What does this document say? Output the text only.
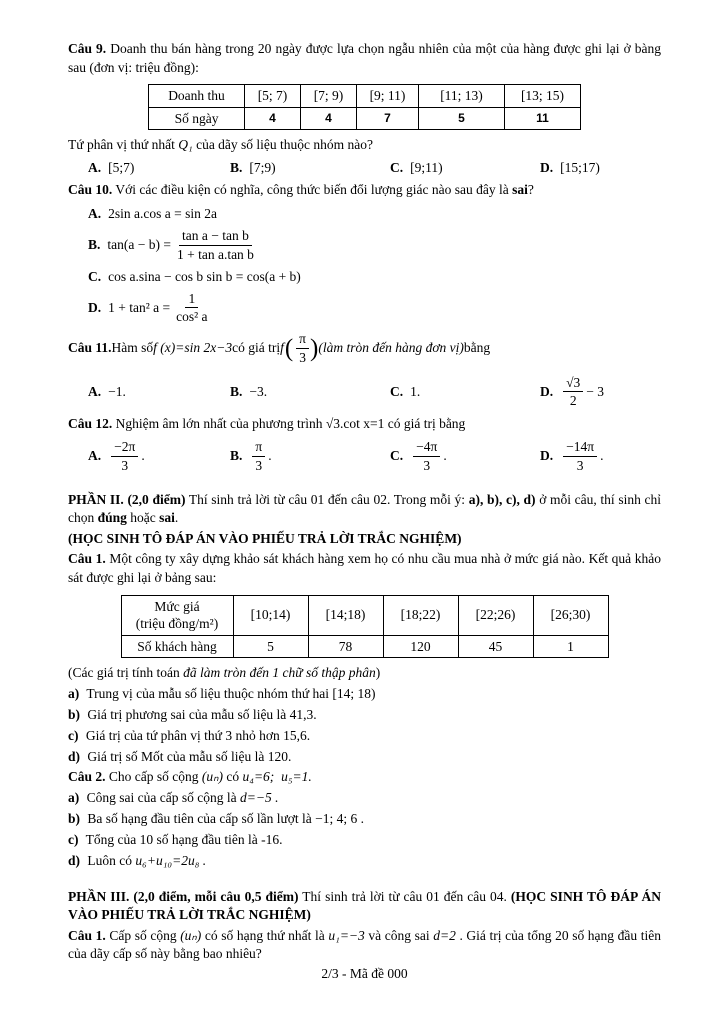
Câu 9. Doanh thu bán hàng trong 20 ngày được lựa chọn ngẫu nhiên của một của hàng được ghi lại ở bàng sau (đơn vị: triệu đồng):

Doanh thu	[5; 7)	[7; 9)	[9; 11)	[11; 13)	[13; 15)
Số ngày	4	4	7	5	11

Tứ phân vị thứ nhất Q₁ của dãy số liệu thuộc nhóm nào?

A. [5;7)	B. [7;9)	C. [9;11)	D. [15;17)

Câu 10. Với các điều kiện có nghĩa, công thức biến đổi lượng giác nào sau đây là sai?

A. 2sin a.cos a = sin 2a
B. $\tan(a - b) = \frac{\text{tan a − tan b}}{\text{1 + tan a.tan b}}$
C. cos a.sina − cos b sin b = cos(a + b)
D. 1 + tan² $a = \frac{1}{\text{cos² a}}$
Câu 11. Hàm số f (x)=sin 2x−3 có giá trị f ( $\frac{\pi}{3}$ ) (làm tròn đến hàng đơn vị) bằng
A. −1.	B. −3.	C. 1.	D. $\frac{√3}{2} - 3$

Câu 12. Nghiệm âm lớn nhất của phương trình √3.cot x=1 có giá trị bằng

A. $\frac{-2\pi}{3}$ .	B. $\frac{\pi}{3}$ .	C. $\frac{-4\pi}{3}$ .	D. $\frac{-14\pi}{3}$ .

PHẦN II. (2,0 điểm) Thí sinh trả lời từ câu 01 đến câu 02. Trong mỗi ý: a), b), c), d) ở mỗi câu, thí sinh chỉ chọn đúng hoặc sai.

(HỌC SINH TÔ ĐÁP ÁN VÀO PHIẾU TRẢ LỜI TRẮC NGHIỆM)

Câu 1. Một công ty xây dựng khảo sát khách hàng xem họ có nhu cầu mua nhà ở mức giá nào. Kết quả khảo sát được ghi lại ở bảng sau:

Mức giá
(triệu đồng/m²)	[10;14)	[14;18)	[18;22)	[22;26)	[26;30)
Số khách hàng	5	78	120	45	1

(Các giá trị tính toán đã làm tròn đến 1 chữ số thập phân)

a) Trung vị của mẫu số liệu thuộc nhóm thứ hai [14; 18)

b) Giá trị phương sai của mẫu số liệu là 41,3.

c) Giá trị của tứ phân vị thứ 3 nhỏ hơn 15,6.

d) Giá trị số Mốt của mẫu số liệu là 120.

Câu 2. Cho cấp số cộng (uₙ) có u₄=6; u₅=1.

a) Công sai của cấp số cộng là d=−5 .

b) Ba số hạng đầu tiên của cấp số lần lượt là −1; 4; 6 .

c) Tổng của 10 số hạng đầu tiên là -16.

d) Luôn có u₆+u₁₀=2u₈ .

PHẦN III. (2,0 điểm, mỗi câu 0,5 điểm) Thí sinh trả lời từ câu 01 đến câu 04. (HỌC SINH TÔ ĐÁP ÁN VÀO PHIẾU TRẢ LỜI TRẮC NGHIỆM)

Câu 1. Cấp số cộng (uₙ) có số hạng thứ nhất là u₁=−3 và công sai d=2 . Giá trị của tổng 20 số hạng đầu tiên của dãy cấp số này bằng bao nhiêu?

2/3 - Mã đề 000
